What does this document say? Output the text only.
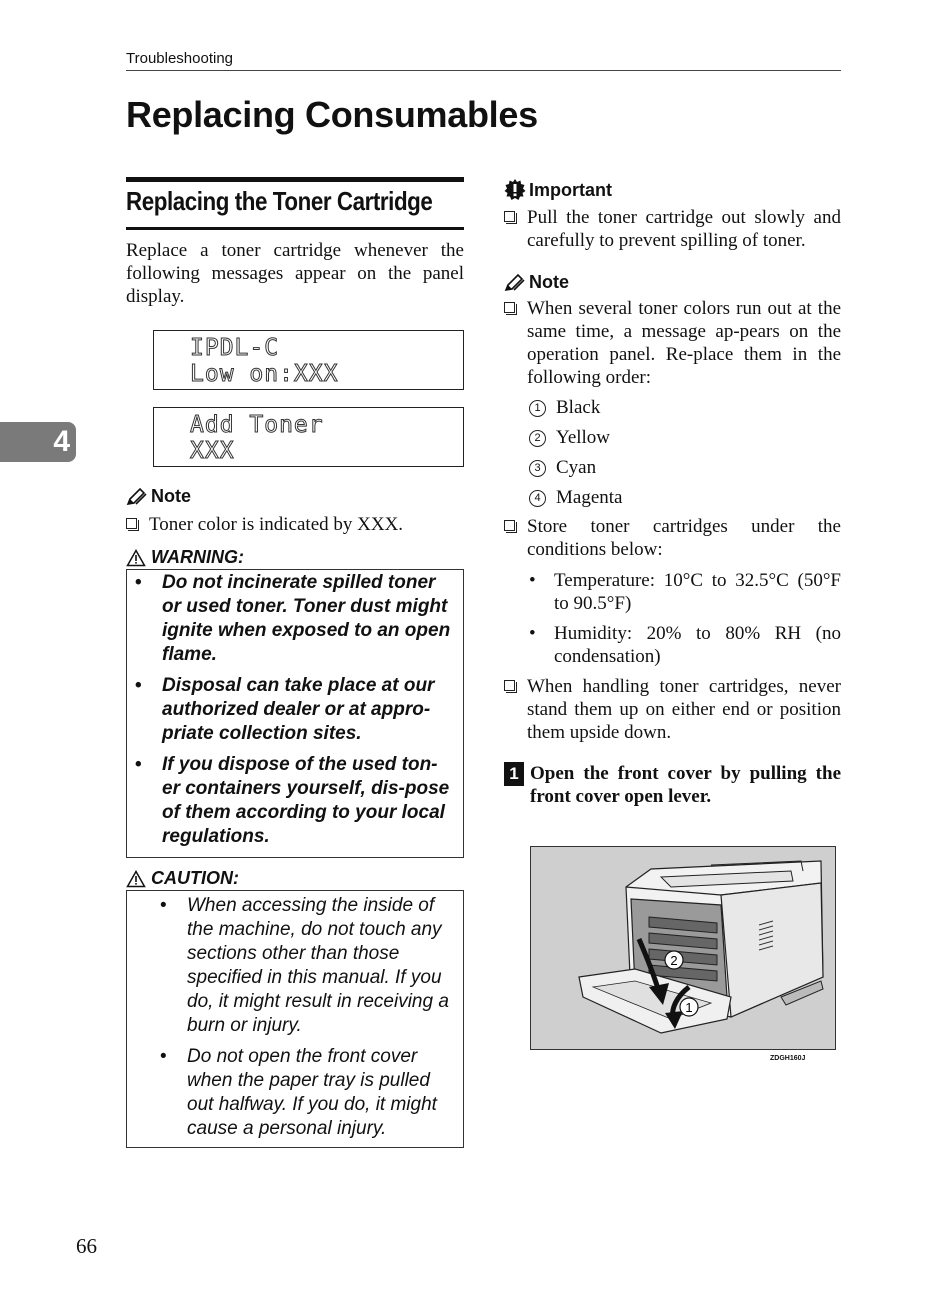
Troubleshooting
Replacing Consumables
4
Replacing the Toner Cartridge
Replace a toner cartridge whenever the following messages appear on the panel display.
IPDL-C
Low on:XXX
Add Toner
XXX
Note
Toner color is indicated by XXX.
WARNING:
• Do not incinerate spilled toner or used toner. Toner dust might ignite when exposed to an open flame.
• Disposal can take place at our authorized dealer or at appro-priate collection sites.
• If you dispose of the used ton-er containers yourself, dis-pose of them according to your local regulations.
CAUTION:
• When accessing the inside of the machine, do not touch any sections other than those specified in this manual. If you do, it might result in receiving a burn or injury.
• Do not open the front cover when the paper tray is pulled out halfway. If you do, it might cause a personal injury.
Important
Pull the toner cartridge out slowly and carefully to prevent spilling of toner.
Note
When several toner colors run out at the same time, a message ap-pears on the operation panel. Re-place them in the following order:
1 Black
2 Yellow
3 Cyan
4 Magenta
Store toner cartridges under the conditions below:
• Temperature: 10°C to 32.5°C (50°F to 90.5°F)
• Humidity: 20% to 80% RH (no condensation)
When handling toner cartridges, never stand them up on either end or position them upside down.
1 Open the front cover by pulling the front cover open lever.
2
1
ZDGH160J
66
